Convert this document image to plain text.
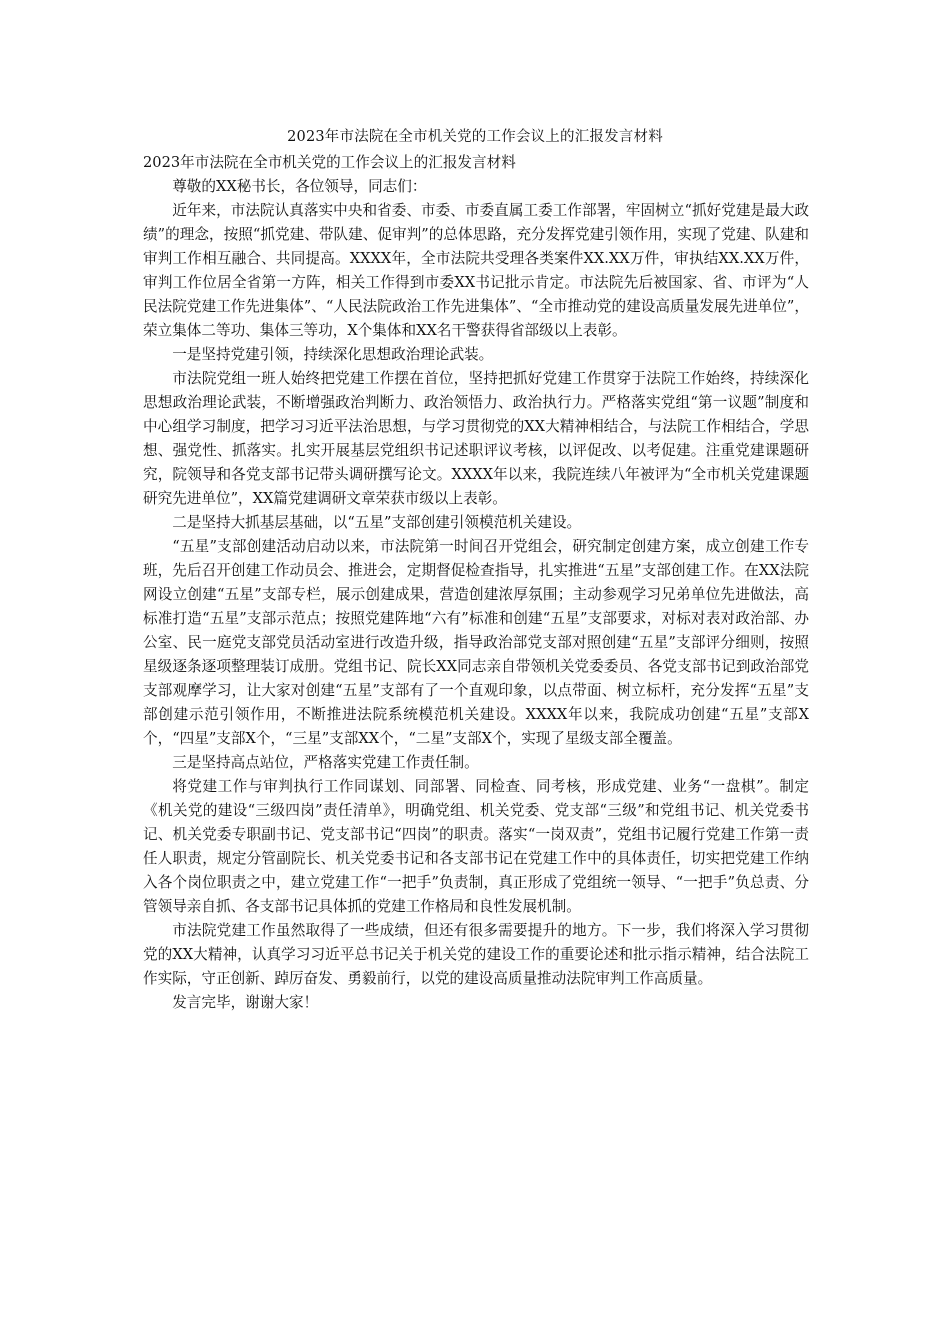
2023年市法院在全市机关党的工作会议上的汇报发言材料

2023年市法院在全市机关党的工作会议上的汇报发言材料

尊敬的XX秘书长，各位领导，同志们：

近年来，市法院认真落实中央和省委、市委、市委直属工委工作部署，牢固树立“抓好党建是最大政绩”的理念，按照“抓党建、带队建、促审判”的总体思路，充分发挥党建引领作用，实现了党建、队建和审判工作相互融合、共同提高。XXXX年，全市法院共受理各类案件XX.XX万件，审执结XX.XX万件，审判工作位居全省第一方阵，相关工作得到市委XX书记批示肯定。市法院先后被国家、省、市评为“人民法院党建工作先进集体”、“人民法院政治工作先进集体”、“全市推动党的建设高质量发展先进单位”，荣立集体二等功、集体三等功，X个集体和XX名干警获得省部级以上表彰。

一是坚持党建引领，持续深化思想政治理论武装。

市法院党组一班人始终把党建工作摆在首位，坚持把抓好党建工作贯穿于法院工作始终，持续深化思想政治理论武装，不断增强政治判断力、政治领悟力、政治执行力。严格落实党组“第一议题”制度和中心组学习制度，把学习习近平法治思想，与学习贯彻党的XX大精神相结合，与法院工作相结合，学思想、强党性、抓落实。扎实开展基层党组织书记述职评议考核，以评促改、以考促建。注重党建课题研究，院领导和各党支部书记带头调研撰写论文。XXXX年以来，我院连续八年被评为“全市机关党建课题研究先进单位”，XX篇党建调研文章荣获市级以上表彰。

二是坚持大抓基层基础，以“五星”支部创建引领模范机关建设。

“五星”支部创建活动启动以来，市法院第一时间召开党组会，研究制定创建方案，成立创建工作专班，先后召开创建工作动员会、推进会，定期督促检查指导，扎实推进“五星”支部创建工作。在XX法院网设立创建“五星”支部专栏，展示创建成果，营造创建浓厚氛围；主动参观学习兄弟单位先进做法，高标准打造“五星”支部示范点；按照党建阵地“六有”标准和创建“五星”支部要求，对标对表对政治部、办公室、民一庭党支部党员活动室进行改造升级，指导政治部党支部对照创建“五星”支部评分细则，按照星级逐条逐项整理装订成册。党组书记、院长XX同志亲自带领机关党委委员、各党支部书记到政治部党支部观摩学习，让大家对创建“五星”支部有了一个直观印象，以点带面、树立标杆，充分发挥“五星”支部创建示范引领作用，不断推进法院系统模范机关建设。XXXX年以来，我院成功创建“五星”支部X个，“四星”支部X个，“三星”支部XX个，“二星”支部X个，实现了星级支部全覆盖。

三是坚持高点站位，严格落实党建工作责任制。

将党建工作与审判执行工作同谋划、同部署、同检查、同考核，形成党建、业务“一盘棋”。制定《机关党的建设“三级四岗”责任清单》，明确党组、机关党委、党支部“三级”和党组书记、机关党委书记、机关党委专职副书记、党支部书记“四岗”的职责。落实“一岗双责”，党组书记履行党建工作第一责任人职责，规定分管副院长、机关党委书记和各支部书记在党建工作中的具体责任，切实把党建工作纳入各个岗位职责之中，建立党建工作“一把手”负责制，真正形成了党组统一领导、“一把手”负总责、分管领导亲自抓、各支部书记具体抓的党建工作格局和良性发展机制。

市法院党建工作虽然取得了一些成绩，但还有很多需要提升的地方。下一步，我们将深入学习贯彻党的XX大精神，认真学习习近平总书记关于机关党的建设工作的重要论述和批示指示精神，结合法院工作实际，守正创新、踔厉奋发、勇毅前行，以党的建设高质量推动法院审判工作高质量。

发言完毕，谢谢大家！
